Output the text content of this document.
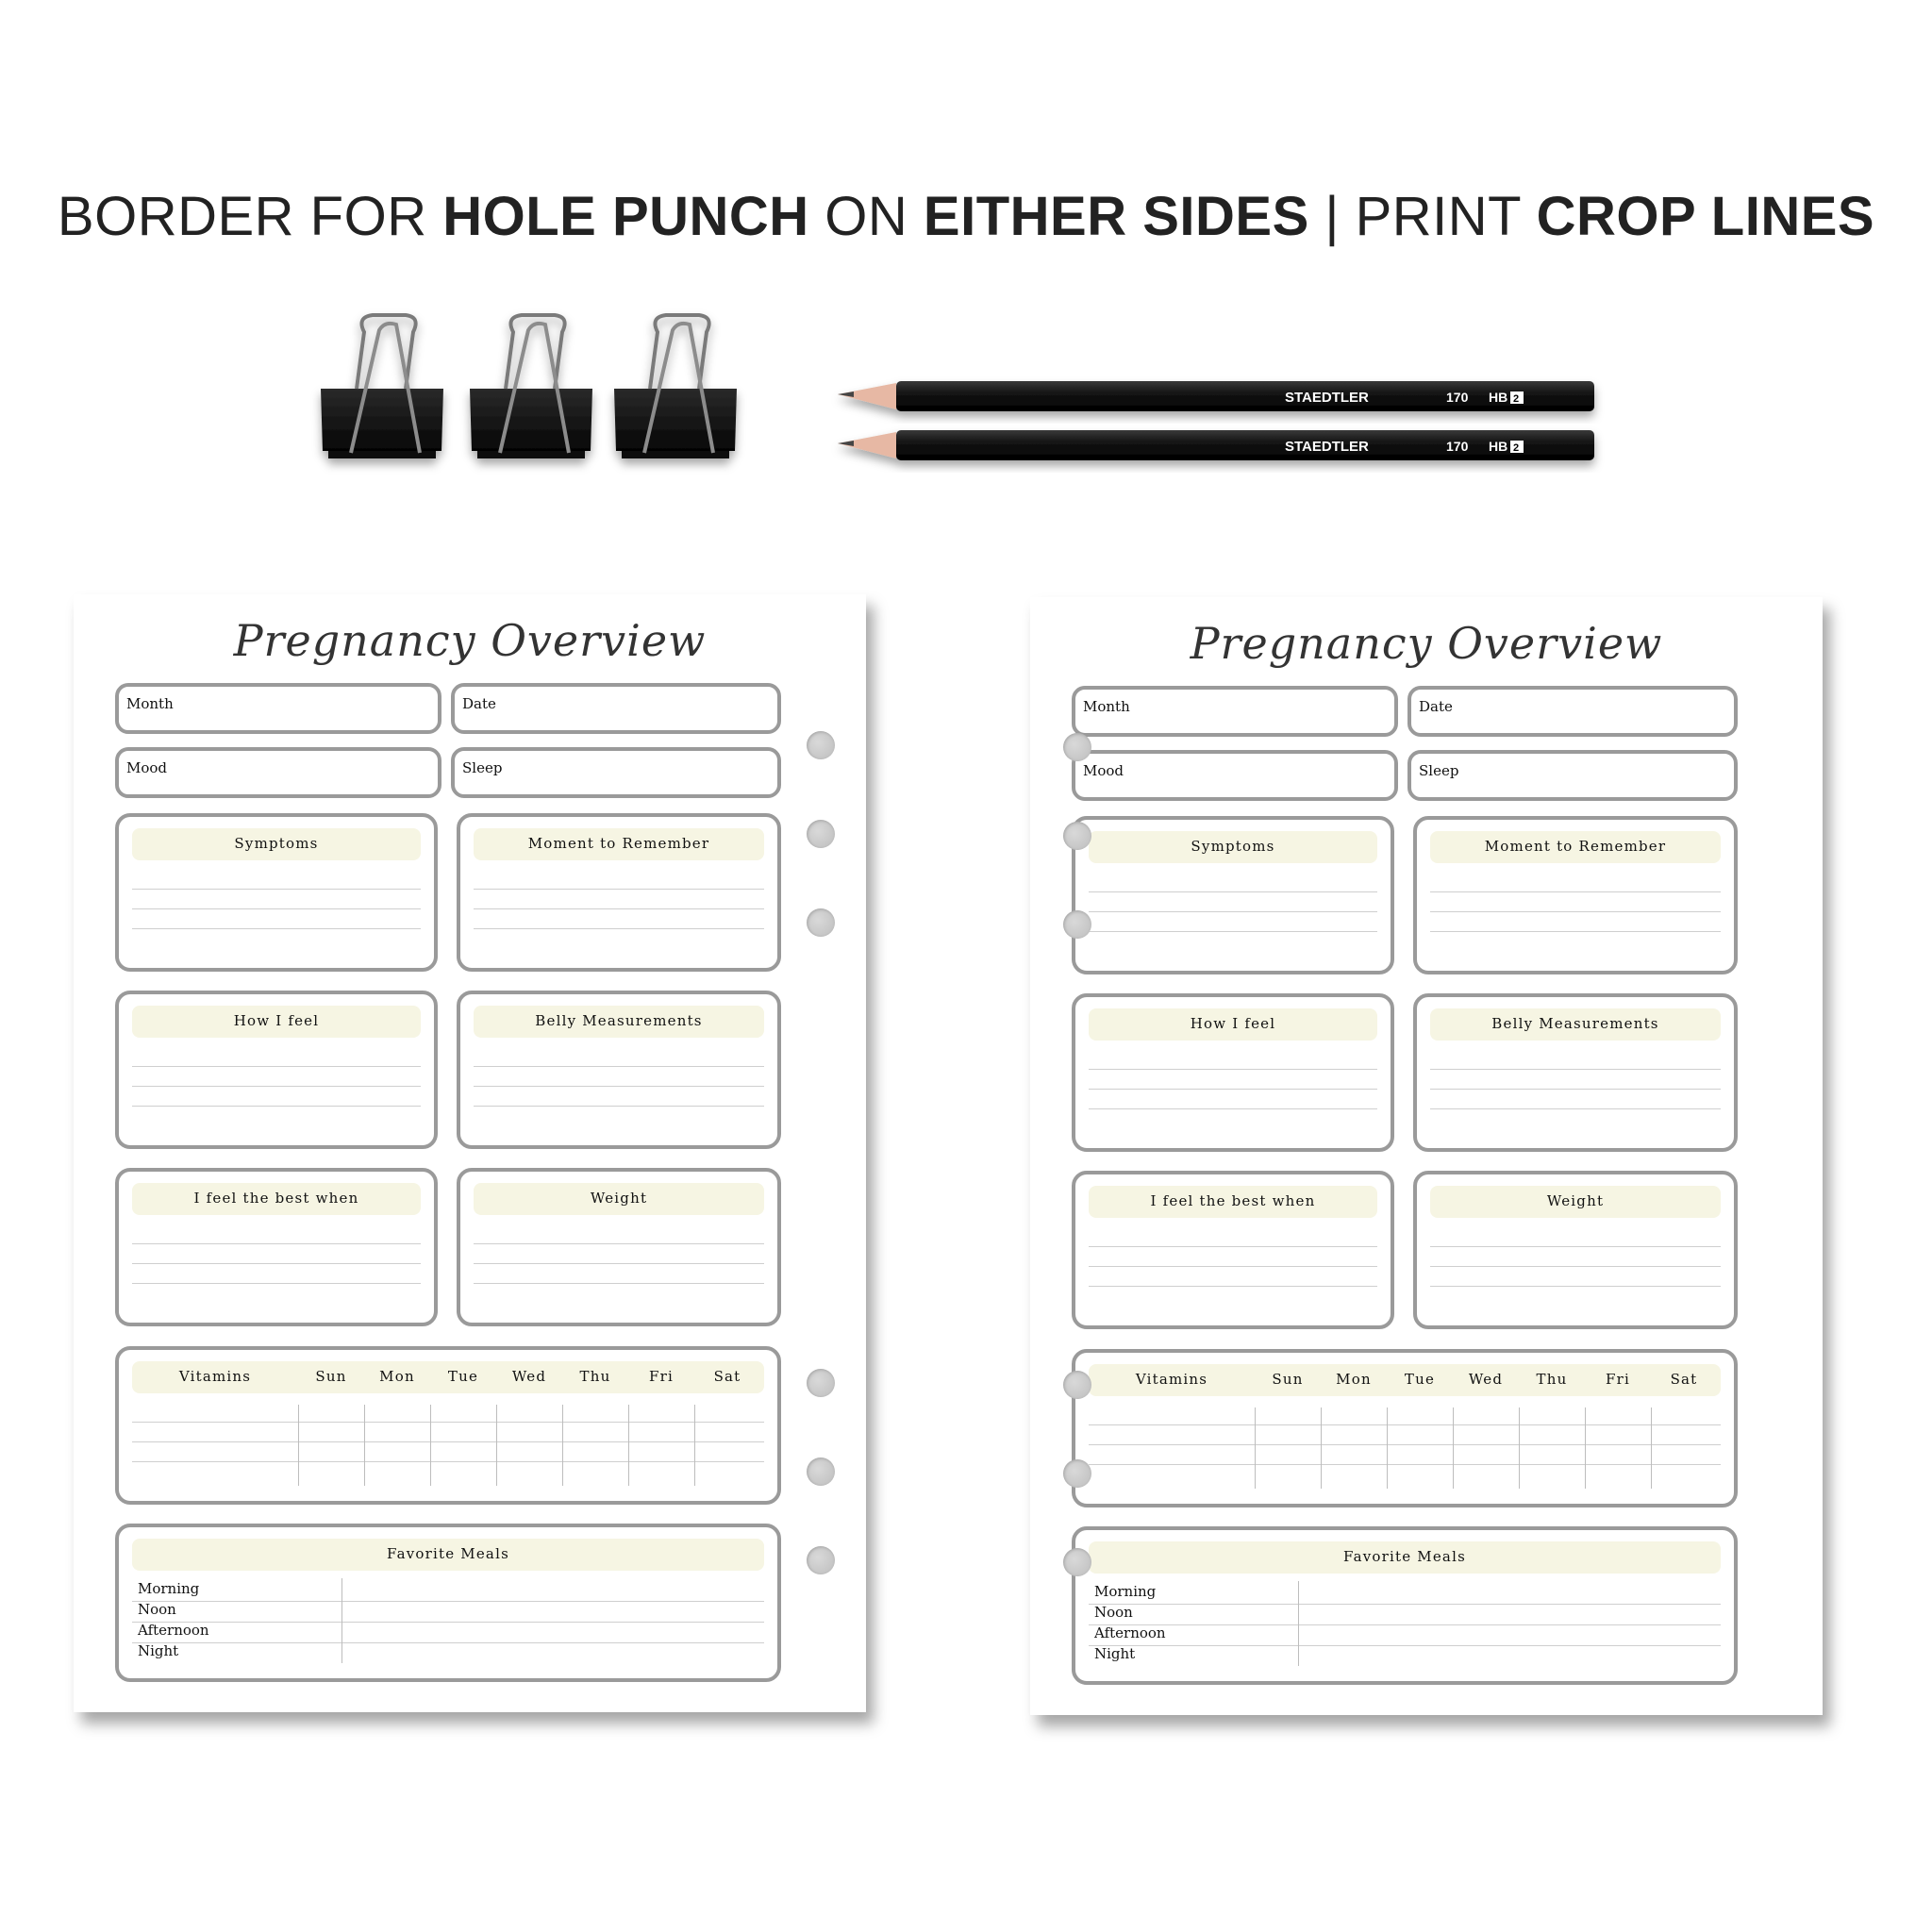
BORDER FOR HOLE PUNCH ON EITHER SIDES | PRINT CROP LINES
STAEDTLER	170 HB
STAEDTLER	170 HB
2
2
Pregnancy Overview
Month	Date
Mood	Sleep
Symptoms	Moment to Remember
How I feel	Belly Measurements
I feel the best when	Weight
Vitamins	Sun	Mon	Tue	Wed	Thu	Fri	Sat
Favorite Meals
Morning
Noon
Afternoon
Night
Pregnancy Overview
Month	Date
Mood	Sleep
Symptoms	Moment to Remember
How I feel	Belly Measurements
I feel the best when	Weight
Vitamins	Sun	Mon	Tue	Wed	Thu	Fri	Sat
Favorite Meals
Morning
Noon
Afternoon
Night
